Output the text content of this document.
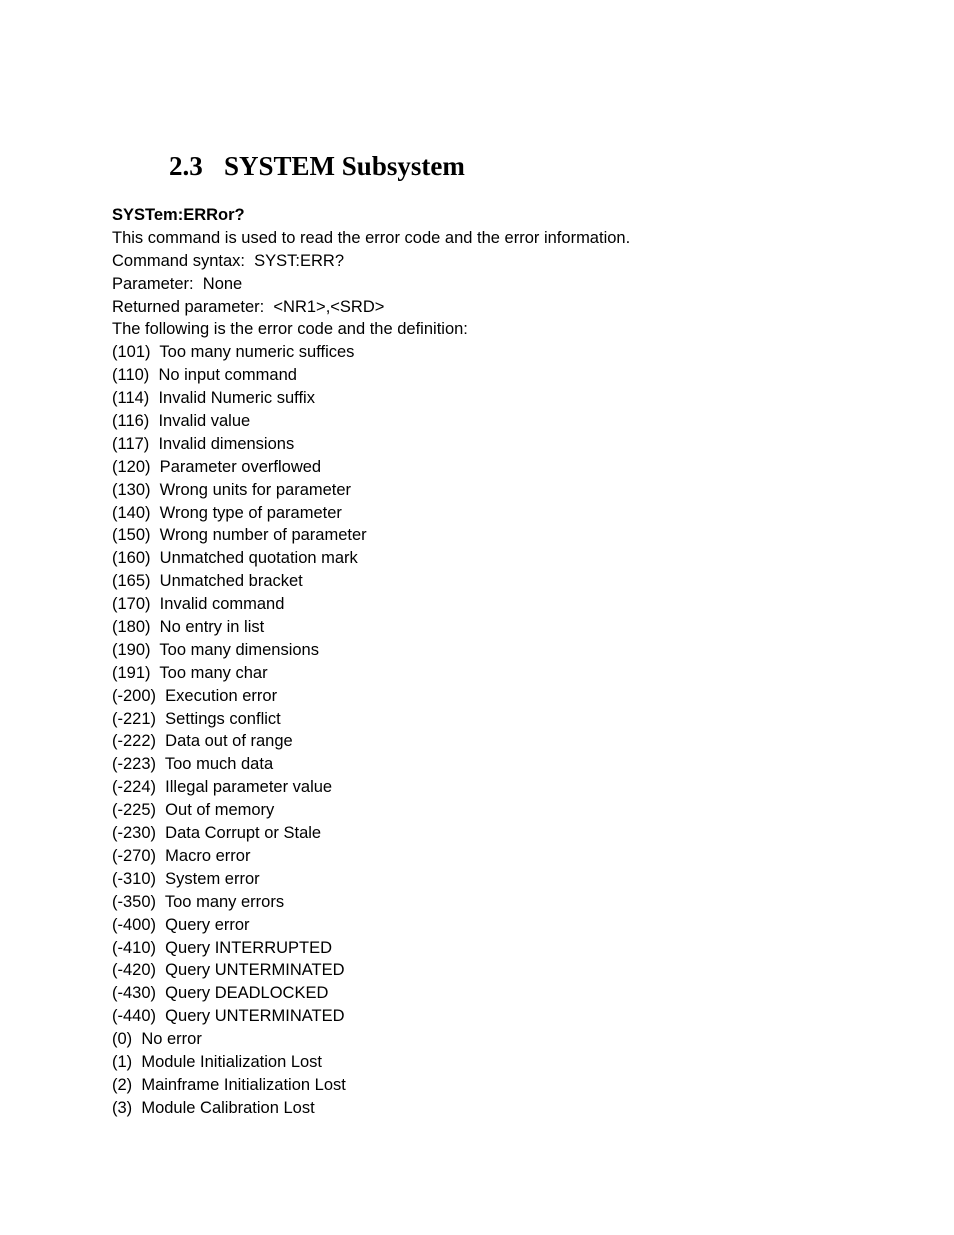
2.3 SYSTEM Subsystem
SYSTem:ERRor?
This command is used to read the error code and the error information.
Command syntax:  SYST:ERR?
Parameter:  None
Returned parameter:  <NR1>,<SRD>
The following is the error code and the definition:
(101)  Too many numeric suffices
(110)  No input command
(114)  Invalid Numeric suffix
(116)  Invalid value
(117)  Invalid dimensions
(120)  Parameter overflowed
(130)  Wrong units for parameter
(140)  Wrong type of parameter
(150)  Wrong number of parameter
(160)  Unmatched quotation mark
(165)  Unmatched bracket
(170)  Invalid command
(180)  No entry in list
(190)  Too many dimensions
(191)  Too many char
(-200)  Execution error
(-221)  Settings conflict
(-222)  Data out of range
(-223)  Too much data
(-224)  Illegal parameter value
(-225)  Out of memory
(-230)  Data Corrupt or Stale
(-270)  Macro error
(-310)  System error
(-350)  Too many errors
(-400)  Query error
(-410)  Query INTERRUPTED
(-420)  Query UNTERMINATED
(-430)  Query DEADLOCKED
(-440)  Query UNTERMINATED
(0)  No error
(1)  Module Initialization Lost
(2)  Mainframe Initialization Lost
(3)  Module Calibration Lost
